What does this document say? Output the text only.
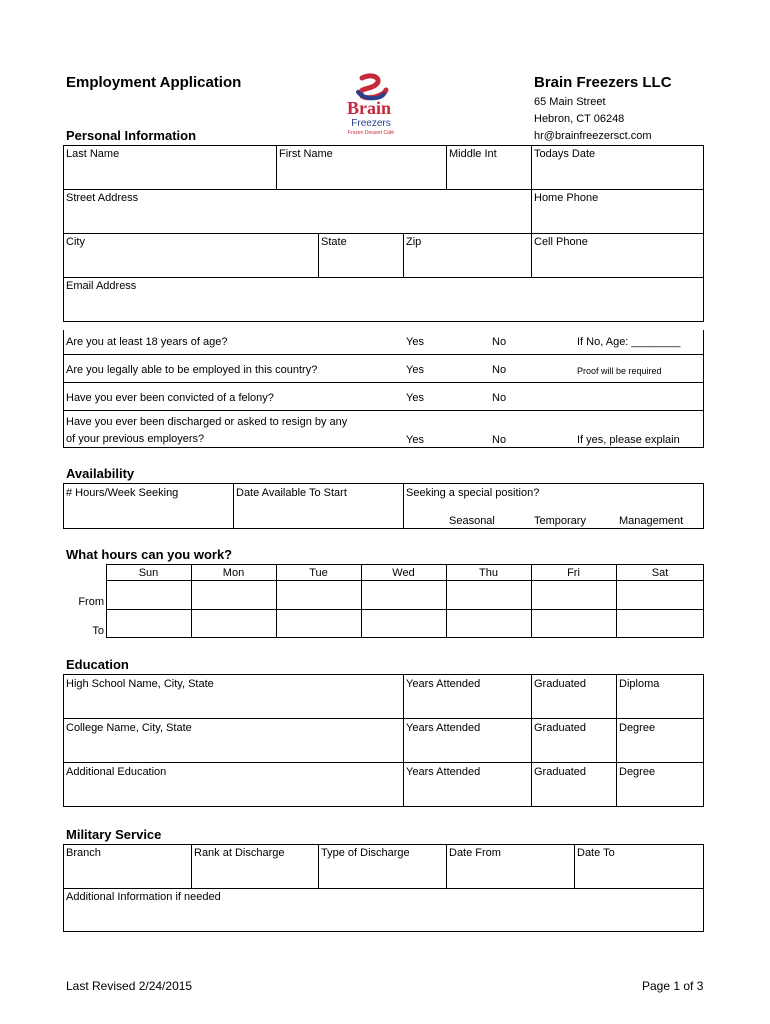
Employment Application	Brain Freezers LLC
65 Main Street
Hebron, CT 06248
hr@brainfreezersct.com
Brain
Freezers
Frozen Dessert Café
Personal Information
Last Name	First Name	Middle Int	Todays Date
Street Address	Home Phone
City	State	Zip	Cell Phone
Email Address
Are you at least 18 years of age?	Yes	No	If No, Age: ________
Are you legally able to be employed in this country?	Yes	No	Proof will be required
Have you ever been convicted of a felony?	Yes	No
Have you ever been discharged or asked to resign by any
of your previous employers?	Yes	No	If yes, please explain
Availability
# Hours/Week Seeking	Date Available To Start	Seeking a special position?
Seasonal	Temporary	Management
What hours can you work?
Sun	Mon	Tue	Wed	Thu	Fri	Sat
From
To
Education
High School Name, City, State	Years Attended	Graduated	Diploma
College Name, City, State	Years Attended	Graduated	Degree
Additional Education	Years Attended	Graduated	Degree
Military Service
Branch	Rank at Discharge	Type of Discharge	Date From	Date To
Additional Information if needed
Last Revised 2/24/2015	Page 1 of 3
